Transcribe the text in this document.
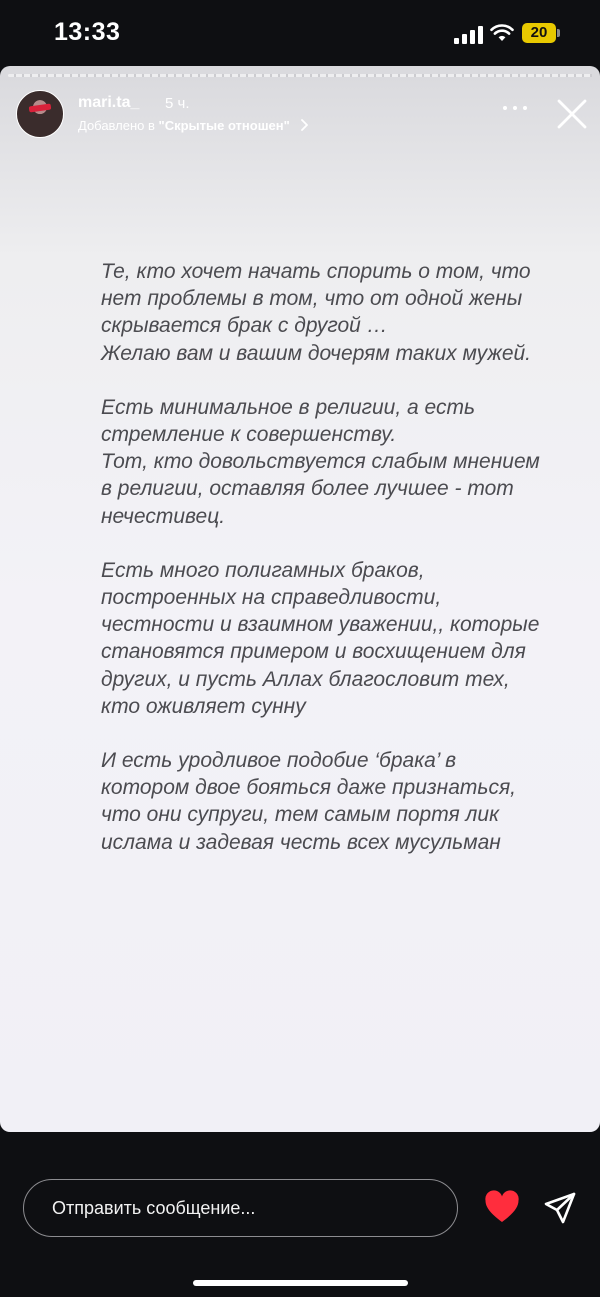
13:33	20
mari.ta_ 5 ч.
Добавлено в "Скрытые отношен"

Те, кто хочет начать спорить о том, что нет проблемы в том, что от одной жены скрывается брак с другой …
Желаю вам и вашим дочерям таких мужей.

Есть минимальное в религии, а есть стремление к совершенству.
Тот, кто довольствуется слабым мнением в религии, оставляя более лучшее - тот нечестивец.

Есть много полигамных браков, построенных на справедливости, честности и взаимном уважении,, которые становятся примером и восхищением для других, и пусть Аллах благословит тех, кто оживляет сунну

И есть уродливое подобие ‘брака’ в котором двое бояться даже признаться, что они супруги, тем самым портя лик ислама и задевая честь всех мусульман

Отправить сообщение...
